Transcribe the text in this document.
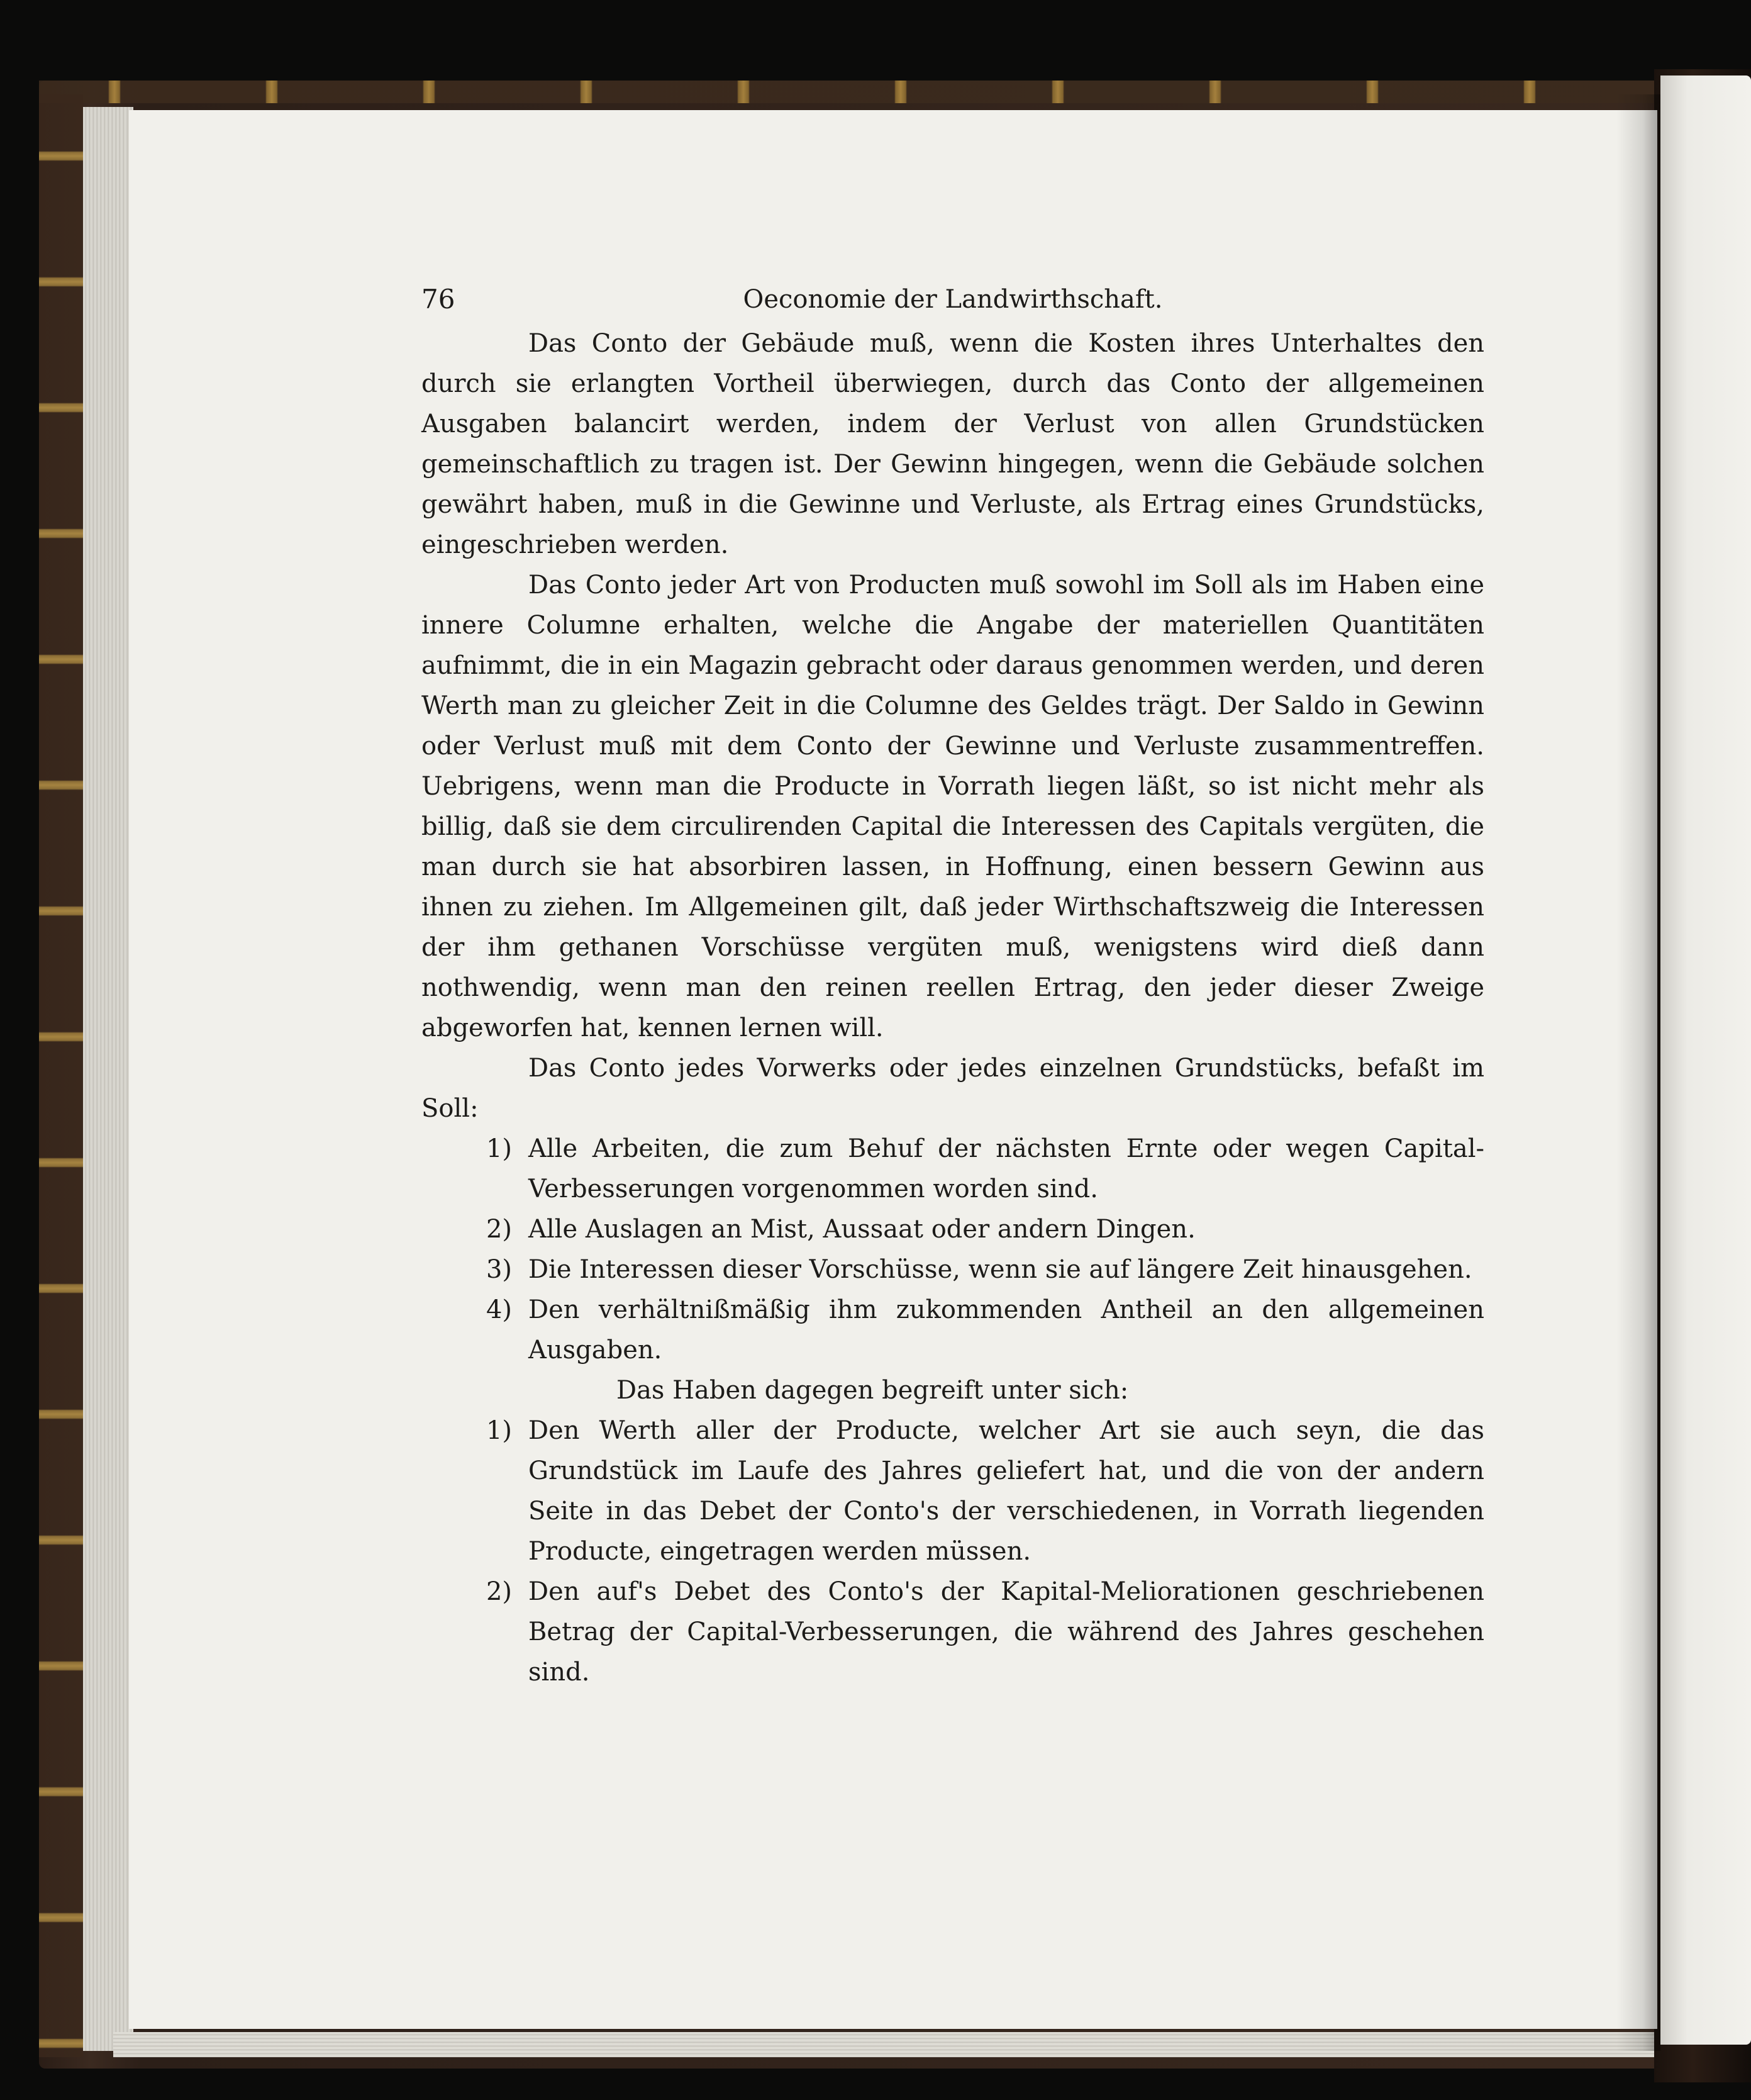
76	Oeconomie der Landwirthschaft.

Das Conto der Gebäude muß, wenn die Kosten ihres Unterhaltes den durch sie erlangten Vortheil überwiegen, durch das Conto der allgemeinen Ausgaben balancirt werden, indem der Verlust von allen Grundstücken gemeinschaftlich zu tragen ist. Der Gewinn hingegen, wenn die Gebäude solchen gewährt haben, muß in die Gewinne und Verluste, als Ertrag eines Grundstücks, eingeschrieben werden.

Das Conto jeder Art von Producten muß sowohl im Soll als im Haben eine innere Columne erhalten, welche die Angabe der materiellen Quantitäten aufnimmt, die in ein Magazin gebracht oder daraus genommen werden, und deren Werth man zu gleicher Zeit in die Columne des Geldes trägt. Der Saldo in Gewinn oder Verlust muß mit dem Conto der Gewinne und Verluste zusammentreffen. Uebrigens, wenn man die Producte in Vorrath liegen läßt, so ist nicht mehr als billig, daß sie dem circulirenden Capital die Interessen des Capitals vergüten, die man durch sie hat absorbiren lassen, in Hoffnung, einen bessern Gewinn aus ihnen zu ziehen. Im Allgemeinen gilt, daß jeder Wirthschaftszweig die Interessen der ihm gethanen Vorschüsse vergüten muß, wenigstens wird dieß dann nothwendig, wenn man den reinen reellen Ertrag, den jeder dieser Zweige abgeworfen hat, kennen lernen will.

Das Conto jedes Vorwerks oder jedes einzelnen Grundstücks, befaßt im Soll:

1) Alle Arbeiten, die zum Behuf der nächsten Ernte oder wegen Capital-Verbesserungen vorgenommen worden sind.
2) Alle Auslagen an Mist, Aussaat oder andern Dingen.
3) Die Interessen dieser Vorschüsse, wenn sie auf längere Zeit hinausgehen.
4) Den verhältnißmäßig ihm zukommenden Antheil an den allgemeinen Ausgaben.

Das Haben dagegen begreift unter sich:

1) Den Werth aller der Producte, welcher Art sie auch seyn, die das Grundstück im Laufe des Jahres geliefert hat, und die von der andern Seite in das Debet der Conto's der verschiedenen, in Vorrath liegenden Producte, eingetragen werden müssen.
2) Den auf's Debet des Conto's der Kapital-Meliorationen geschriebenen Betrag der Capital-Verbesserungen, die während des Jahres geschehen sind.
